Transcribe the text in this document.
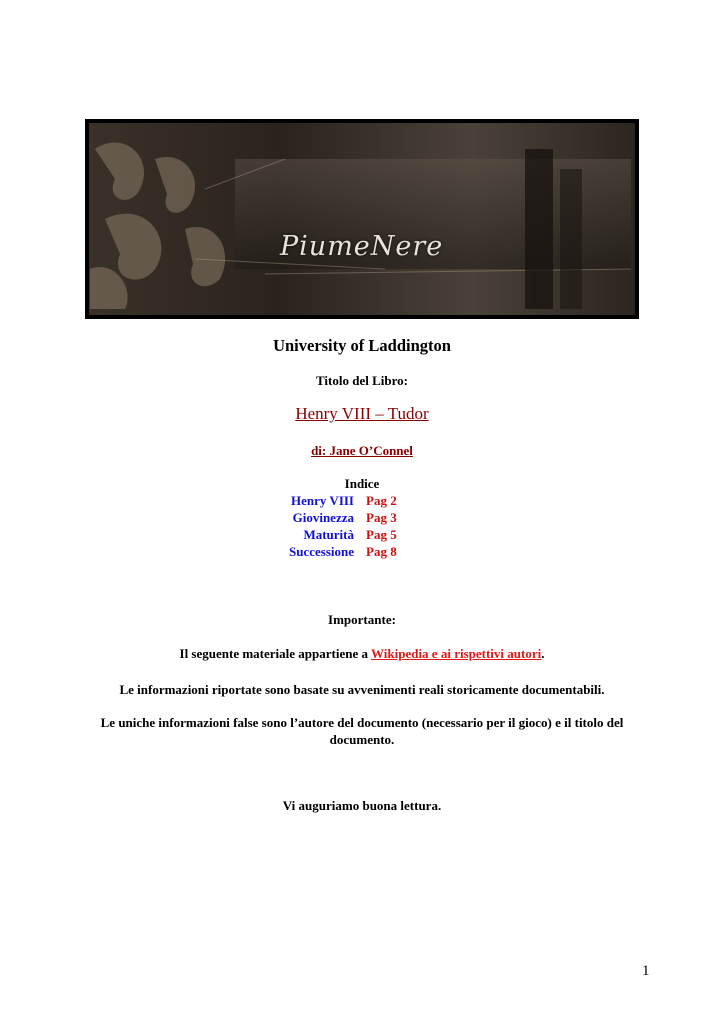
PiumeNere
University of Laddington
Titolo del Libro:
Henry VIII – Tudor
di: Jane O’Connel
Indice
Henry VIII Pag 2
Giovinezza Pag 3
Maturità Pag 5
Successione Pag 8
Importante:
Il seguente materiale appartiene a Wikipedia e ai rispettivi autori.
Le informazioni riportate sono basate su avvenimenti reali storicamente documentabili.
Le uniche informazioni false sono l’autore del documento (necessario per il gioco) e il titolo del documento.
Vi auguriamo buona lettura.
1
